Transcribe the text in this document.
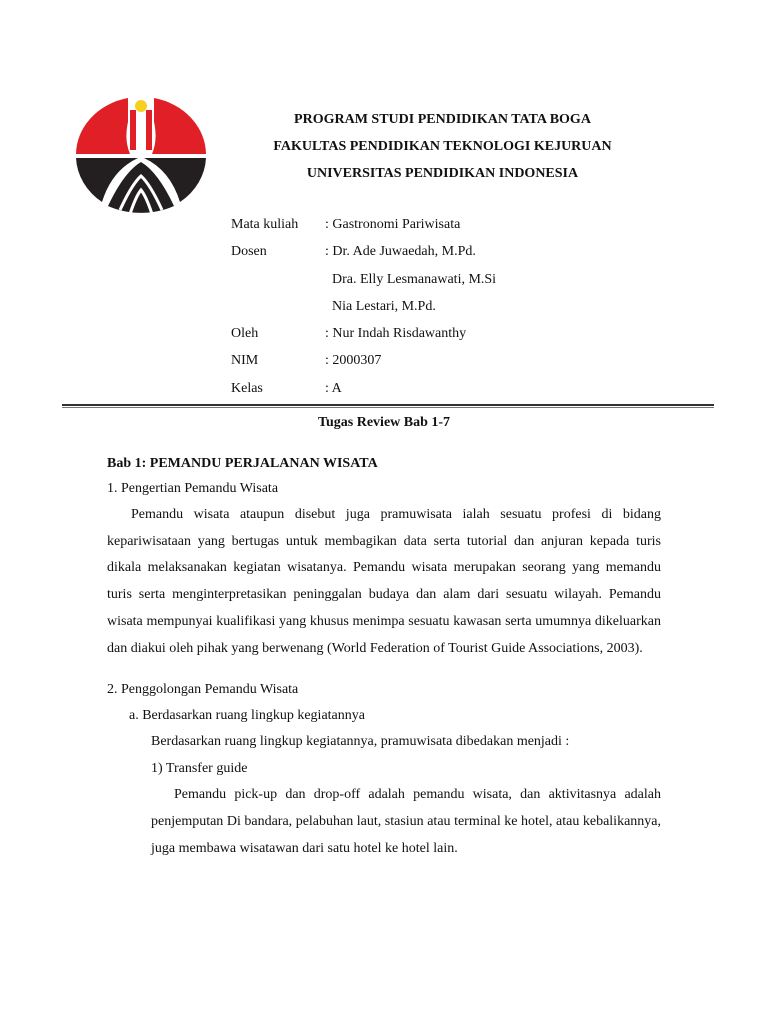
PROGRAM STUDI PENDIDIKAN TATA BOGA
FAKULTAS PENDIDIKAN TEKNOLOGI KEJURUAN
UNIVERSITAS PENDIDIKAN INDONESIA
Mata kuliah : Gastronomi Pariwisata
Dosen	: Dr. Ade Juwaedah, M.Pd.
Dra. Elly Lesmanawati, M.Si
Nia Lestari, M.Pd.
Oleh	: Nur Indah Risdawanthy
NIM	: 2000307
Kelas	: A
Tugas Review Bab 1-7
Bab 1: PEMANDU PERJALANAN WISATA
1. Pengertian Pemandu Wisata

Pemandu wisata ataupun disebut juga pramuwisata ialah sesuatu profesi di bidang kepariwisataan yang bertugas untuk membagikan data serta tutorial dan anjuran kepada turis dikala melaksanakan kegiatan wisatanya. Pemandu wisata merupakan seorang yang memandu turis serta menginterpretasikan peninggalan budaya dan alam dari sesuatu wilayah. Pemandu wisata mempunyai kualifikasi yang khusus menimpa sesuatu kawasan serta umumnya dikeluarkan dan diakui oleh pihak yang berwenang (World Federation of Tourist Guide Associations, 2003).

2. Penggolongan Pemandu Wisata
a. Berdasarkan ruang lingkup kegiatannya
Berdasarkan ruang lingkup kegiatannya, pramuwisata dibedakan menjadi :
1) Transfer guide

Pemandu pick-up dan drop-off adalah pemandu wisata, dan aktivitasnya adalah penjemputan Di bandara, pelabuhan laut, stasiun atau terminal ke hotel, atau kebalikannya, juga membawa wisatawan dari satu hotel ke hotel lain.
